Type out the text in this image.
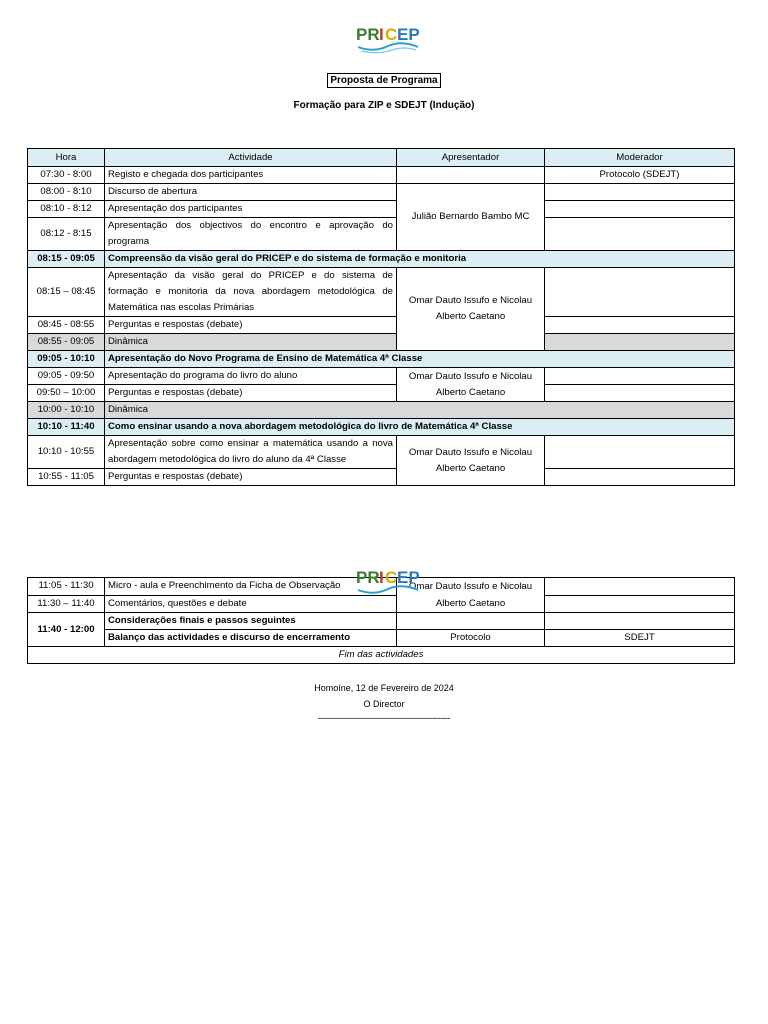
PR I C EP
Proposta de Programa
Formação para ZIP e SDEJT (Indução)
Hora	Actividade	Apresentador	Moderador
07:30 - 8:00	Registo e chegada dos participantes		Protocolo (SDEJT)
08:00 - 8:10	Discurso de abertura	Julião Bernardo Bambo MC	
08:10 - 8:12	Apresentação dos participantes		
08:12 - 8:15	Apresentação dos objectivos do encontro e aprovação do programa		
08:15 - 09:05	Compreensão da visão geral do PRICEP e do sistema de formação e monitoria		
08:15 – 08:45	Apresentação da visão geral do PRICEP e do sistema de formação e monitoria da nova abordagem metodológica de Matemática nas escolas Primárias	Omar Dauto Issufo e Nicolau Alberto Caetano	
08:45 - 08:55	Perguntas e respostas (debate)		
08:55 - 09:05	Dinâmica		
09:05 - 10:10	Apresentação do Novo Programa de Ensino de Matemática 4ª Classe		
09:05 - 09:50	Apresentação do programa do livro do aluno	Omar Dauto Issufo e Nicolau Alberto Caetano	
09:50 – 10:00	Perguntas e respostas (debate)		
10:00 - 10:10	Dinâmica		
10:10 - 11:40	Como ensinar usando a nova abordagem metodológica do livro de Matemática 4ª Classe		
10:10 - 10:55	Apresentação sobre como ensinar a matemática usando a nova abordagem metodológica do livro do aluno da 4ª Classe	Omar Dauto Issufo e Nicolau Alberto Caetano	
10:55 - 11:05	Perguntas e respostas (debate)		
11:05 - 11:30	Micro - aula e Preenchimento da Ficha de Observação	Omar Dauto Issufo e Nicolau Alberto Caetano	
11:30 – 11:40	Comentários, questões e debate		
11:40 - 12:00	Considerações finais e passos seguintes		
	Balanço das actividades e discurso de encerramento	Protocolo	SDEJT
Fim das actividades			
PR I C EP
Homoíne, 12 de Fevereiro de 2024
O Director
-----------------------------------------------------
